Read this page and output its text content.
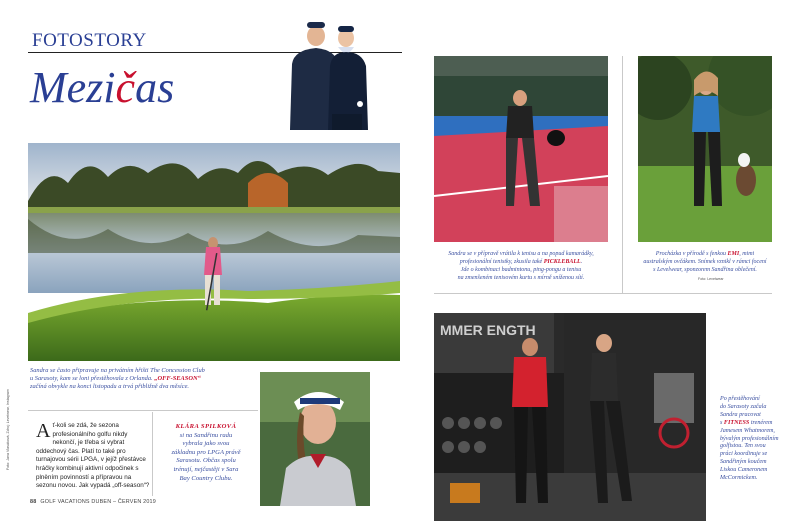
FOTOSTORY
Mezičas
Sandra se často připravuje na privátním hřišti The Concession Club
u Sarasoty, kam se loni přestěhovala z Orlanda. „OFF-SEASON“
začíná obvykle na konci listopadu a trvá přibližně dva měsíce.
Ať-koli se zdá, že sezona profesionálního golfu nikdy nekončí, je třeba si vybrat oddechový čas. Platí to také pro turnajovou sérii LPGA, v jejíž přestávce hráčky kombinují aktivní odpočinek s plněním povinností a přípravou na sezonu novou. Jak vypadá „off-season“?
KLÁRA SPILKOVÁ
si na Sandřinu radu
vybrala jako svou
základnu pro LPGA právě
Sarasotu. Občas spolu
trénují, nejčastěji v Sara
Bay Country Clubu.
Sandra se v přípravě vrátila k tenisu a na popud kamarádky,
profesionální tenistky, zkusila také PICKLEBALL.
Jde o kombinaci badmintonu, ping-pongu a tenisu
na zmenšeném tenisovém kurtu s mírně sníženou sítí.
Procházka v přírodě s fenkou EMI, mimi
australským ovčákem. Snímek vznikl v rámci focení
s Levelwear, sponzorem Sandřina oblečení.
Foto: Levelwear
MMER ENGTH
Po přestěhování
do Sarasoty začala
Sandra pracovat
s FITNESS trenérem
Jamesem Whatmorem,
bývalým profesionálním
golfistou. Ten svou
práci koordinuje se
Sandřiným koučem
Liskou Cameronem
McCormickem.
88 GOLF VACATIONS DUBEN – ČERVEN 2019
Foto: Jana Vlasáková, Zdroj: Levelwear, Instagram
